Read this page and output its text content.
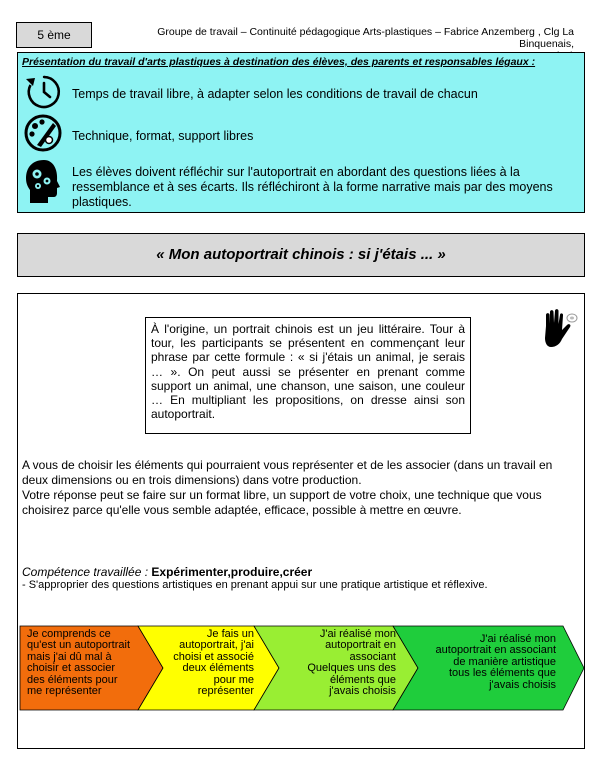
5 ème	Groupe de travail – Continuité pédagogique Arts-plastiques – Fabrice Anzemberg , Clg La Binquenais,
Présentation du travail d'arts plastiques à destination des élèves, des parents et responsables légaux :
Temps de travail libre, à adapter selon les conditions de travail de chacun
Technique, format, support libres
Les élèves doivent réfléchir sur l'autoportrait en abordant des questions liées à la
ressemblance et à ses écarts. Ils réfléchiront à la forme narrative mais par des moyens
plastiques.
« Mon autoportrait chinois : si j'étais ... »
À l'origine, un portrait chinois est un jeu littéraire. Tour à tour, les participants se présentent en commençant leur phrase par cette formule : « si j'étais un animal, je serais … ». On peut aussi se présenter en prenant comme support un animal, une chanson, une saison, une couleur … En multipliant les propositions, on dresse ainsi son autoportrait.
A vous de choisir les éléments qui pourraient vous représenter et de les associer (dans un travail en
deux dimensions ou en trois dimensions) dans votre production.
Votre réponse peut se faire sur un format libre, un support de votre choix, une technique que vous
choisirez parce qu'elle vous semble adaptée, efficace, possible à mettre en œuvre.
Compétence travaillée : Expérimenter,produire,créer
- S'approprier des questions artistiques en prenant appui sur une pratique artistique et réflexive.
Je comprends ce
qu'est un autoportrait
mais j'ai dû mal à
choisir et associer
des éléments pour
me représenter
Je fais un
autoportrait, j'ai
choisi et associé
deux éléments
pour me
représenter
J'ai réalisé mon
autoportrait en
associant
Quelques uns des
éléments que
j'avais choisis
J'ai réalisé mon
autoportrait en associant
de manière artistique
tous les éléments que
j'avais choisis
